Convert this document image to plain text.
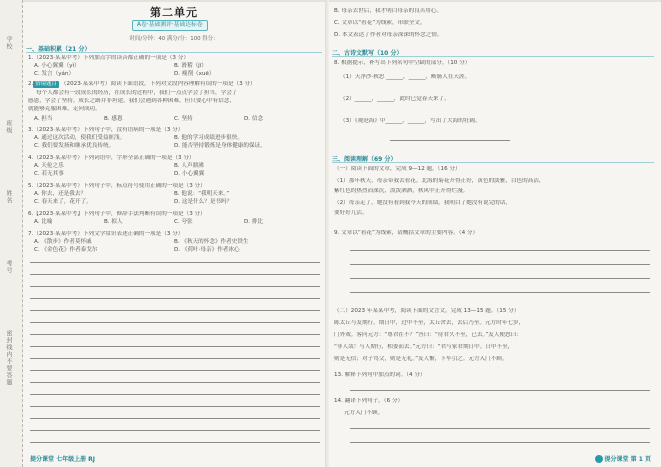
学校
班级
姓名
考号
密封线内不要答题
第二单元
A卷·基础测评·基础达标卷
时间/分钟：40 满分/分：100 得分：
一、基础积累（21 分）
1.（2023·某某中考）下列加点字的读音都正确的一项是（3 分）
A. 小心翼翼（yì）	B. 滑稽（jī）
C. 发言（yán）	D. 瘦削（xuē）
2. 情境题目 （2023·某某中考）阅读下面语段，下列对文段内容理解有误的一项是（3 分）
每个人都会有一段成长的经历，在成长的过程中，我们一点点学会了担当，学会了
感恩，学会了坚持。成长之路并非坦途，我们会遇到各种困难，但只要心中有信念，
就能够克服困难，走向成功。
A. 担当	B. 感恩	C. 坚持	D. 信念
3.（2023·某某中考）下列句子中，没有语病的一项是（3 分）
A. 通过这次活动，使我们受益匪浅。	B. 他的学习成绩进步很快。
C. 我们要发扬和继承优良传统。	D. 能否坚持锻炼是身体健康的保证。
4.（2023·某某中考）下列词语中，字形全部正确的一项是（3 分）
A. 天伦之乐	B. 人声鼎沸
C. 若无其事	D. 小心翼翼
5.（2023·某某中考）下列句子中，标点符号使用正确的一项是（3 分）
A. 你去，还是我去？	B. 他说：“我明天来。”
C. 春天来了，花开了。	D. 这是什么？是书吗？
6.【2023·某某中考】下列句子中，修辞手法判断有误的一项是（3 分）
A. 比喻	B. 拟人	C. 夸张	D. 排比
7.（2023·某某中考）下列文学常识表述正确的一项是（3 分）
A. 《散步》作者莫怀戚	B. 《秋天的怀念》作者史铁生
C. 《金色花》作者泰戈尔	D. 《荷叶·母亲》作者冰心
提分课堂 七年级上册 RJ
B. 母亲去世后，我才明白母亲的良苦用心。
C. 文章以“看花”为线索，串联全文。
D. 本文表达了作者对母亲深深的怀念之情。
二、古诗文默写（10 分）
8. 根据提示，补写出下列名句中空缺的部分。（10 分）
（1）天净沙·秋思 ______，______，断肠人在天涯。
（2）______，______，此时已觉春天来了。
（3）《观沧海》中______，______，写出了大海的壮阔。
三、阅读理解（69 分）
（一）阅读下面的文章，完成 9—12 题。（16 分）
（1）那年秋天，母亲带我去看花。北海的菊花开得正好，黄色的淡雅，白色的高洁，
紫红色的热烈而深沉，泼泼洒洒，秋风中正开得烂漫。
（2）母亲走了，她没有看到我今天的成绩。我明白了她没有说完的话，
要好好儿活。
9. 文章以“看花”为线索，请概括文章的主要内容。（4 分）
（二）2023 年某某中考，阅读下面的文言文，完成 13—15 题。（15 分）
陈太丘与友期行，期日中，过中不至，太丘舍去，去后乃至。元方时年七岁，
门外戏。客问元方：“尊君在不？”答曰：“待君久不至，已去。”友人便怒曰：
“非人哉！与人期行，相委而去。”元方曰：“君与家君期日中。日中不至，
则是无信；对子骂父，则是无礼。”友人惭，下车引之。元方入门不顾。
13. 解释下列句中加点的词。（4 分）
14. 翻译下列句子。（6 分）
元方入门不顾。
提分课堂 第 1 页
